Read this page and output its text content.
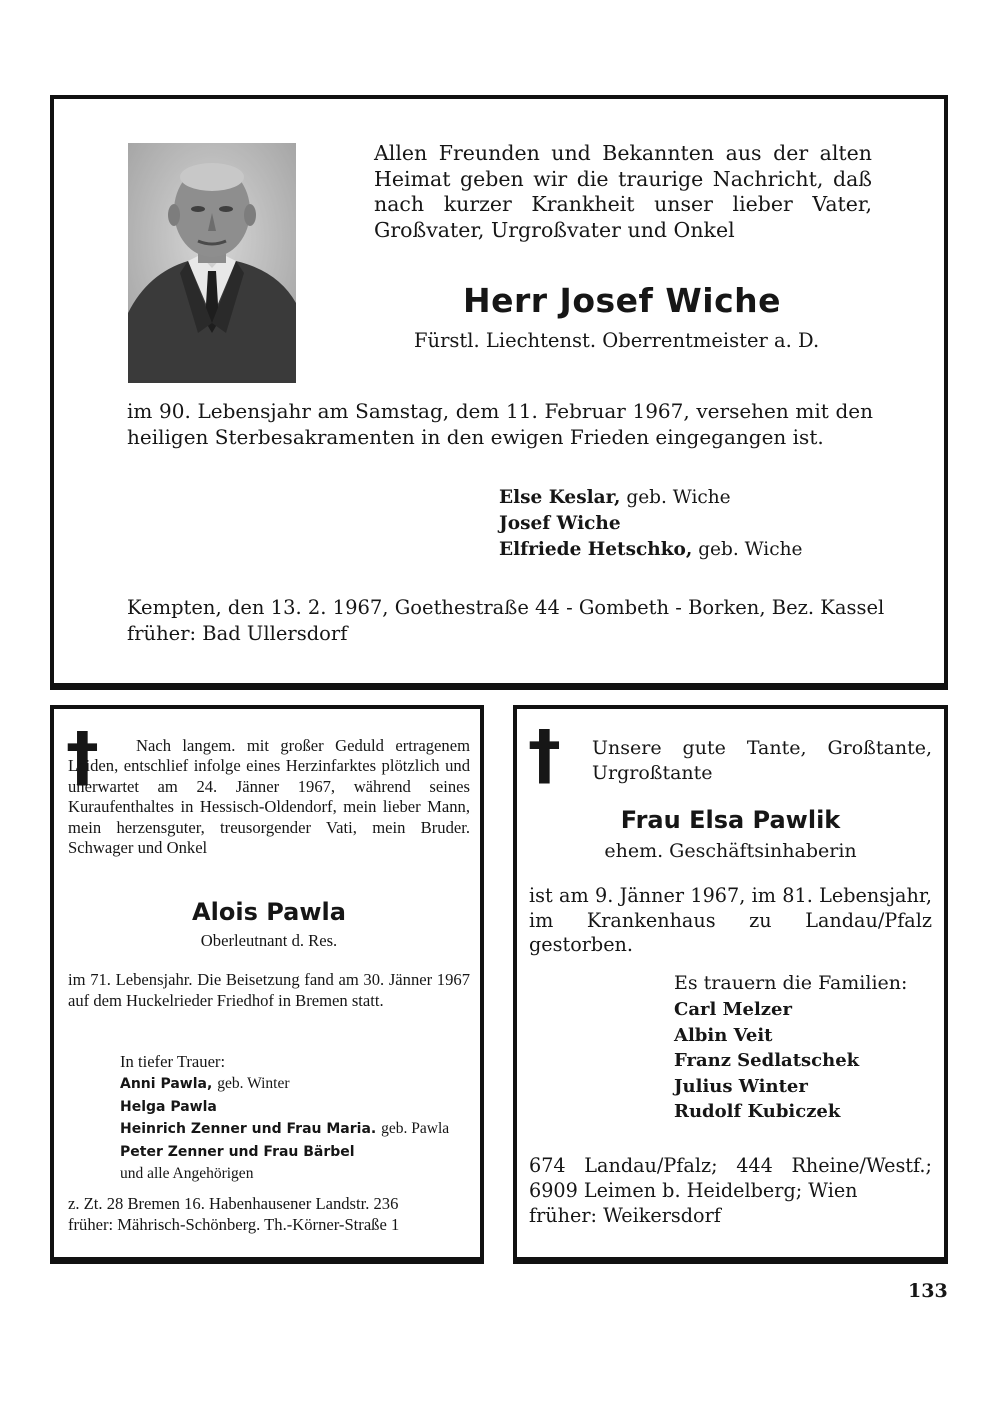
Allen Freunden und Bekannten aus der alten Heimat geben wir die traurige Nachricht, daß nach kurzer Krankheit unser lieber Vater, Großvater, Urgroßvater und Onkel

Herr Josef Wiche
Fürstl. Liechtenst. Oberrentmeister a. D.

im 90. Lebensjahr am Samstag, dem 11. Februar 1967, versehen mit den heiligen Sterbesakramenten in den ewigen Frieden eingegangen ist.

Else Keslar, geb. Wiche
Josef Wiche
Elfriede Hetschko, geb. Wiche
Kempten, den 13. 2. 1967, Goethestraße 44 - Gombeth - Borken, Bez. Kassel
früher: Bad Ullersdorf
†	Nach langem. mit großer Geduld ertragenem Leiden, entschlief infolge eines Herzinfarktes plötzlich und unerwartet am 24. Jänner 1967, während seines Kuraufenthaltes in Hessisch-Oldendorf, mein lieber Mann, mein herzensguter, treusorgender Vati, mein Bruder. Schwager und Onkel

Alois Pawla
Oberleutnant d. Res.

im 71. Lebensjahr. Die Beisetzung fand am 30. Jänner 1967 auf dem Huckelrieder Friedhof in Bremen statt.

In tiefer Trauer:
Anni Pawla, geb. Winter
Helga Pawla
Heinrich Zenner und Frau Maria. geb. Pawla
Peter Zenner und Frau Bärbel
und alle Angehörigen
z. Zt. 28 Bremen 16. Habenhausener Landstr. 236
früher: Mährisch-Schönberg. Th.-Körner-Straße 1
† Unsere gute Tante, Großtante, Urgroßtante

Frau Elsa Pawlik
ehem. Geschäftsinhaberin

ist am 9. Jänner 1967, im 81. Lebensjahr, im Krankenhaus zu Landau/Pfalz gestorben.

Es trauern die Familien:
Carl Melzer
Albin Veit
Franz Sedlatschek
Julius Winter
Rudolf Kubiczek

674 Landau/Pfalz; 444 Rheine/Westf.; 6909 Leimen b. Heidelberg; Wien

früher: Weikersdorf
133
